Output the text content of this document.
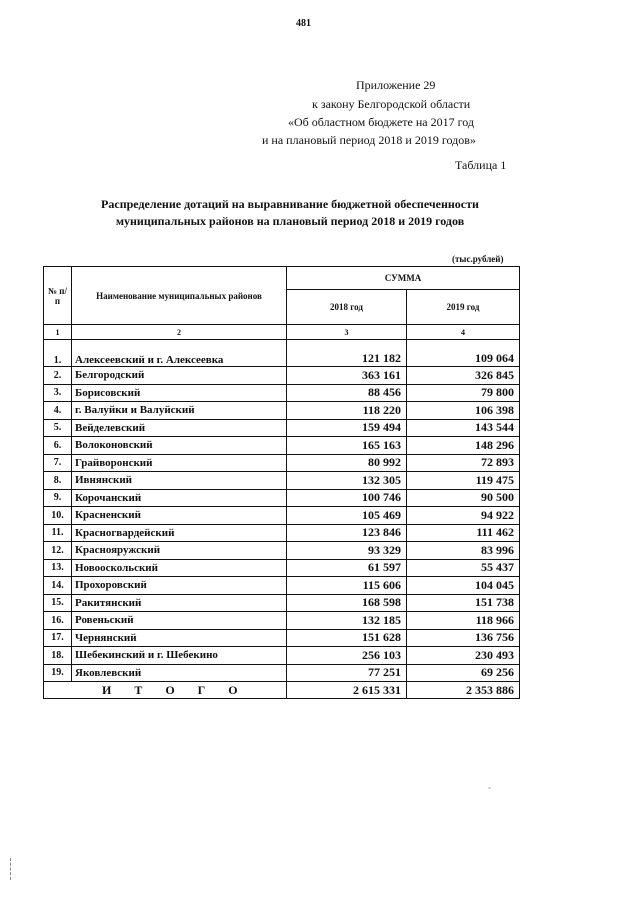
481
Приложение 29
к закону Белгородской области
«Об областном бюджете на 2017 год
и на плановый период 2018 и 2019 годов»
Таблица 1
Распределение дотаций на выравнивание бюджетной обеспеченности
муниципальных районов на плановый период 2018 и 2019 годов
(тыс.рублей)
№ п/п	Наименование муниципальных районов	СУММА	
		2018 год	2019 год
1	2	3	4
1.	Алексеевский и г. Алексеевка	121 182	109 064
2.	Белгородский	363 161	326 845
3.	Борисовский	88 456	79 800
4.	г. Валуйки и Валуйский	118 220	106 398
5.	Вейделевский	159 494	143 544
6.	Волоконовский	165 163	148 296
7.	Грайворонский	80 992	72 893
8.	Ивнянский	132 305	119 475
9.	Корочанский	100 746	90 500
10.	Красненский	105 469	94 922
11.	Красногвардейский	123 846	111 462
12.	Краснояружский	93 329	83 996
13.	Новооскольский	61 597	55 437
14.	Прохоровский	115 606	104 045
15.	Ракитянский	168 598	151 738
16.	Ровеньский	132 185	118 966
17.	Чернянский	151 628	136 756
18.	Шебекинский и г. Шебекино	256 103	230 493
19.	Яковлевский	77 251	69 256
И Т О Г О		2 615 331	2 353 886
˜
